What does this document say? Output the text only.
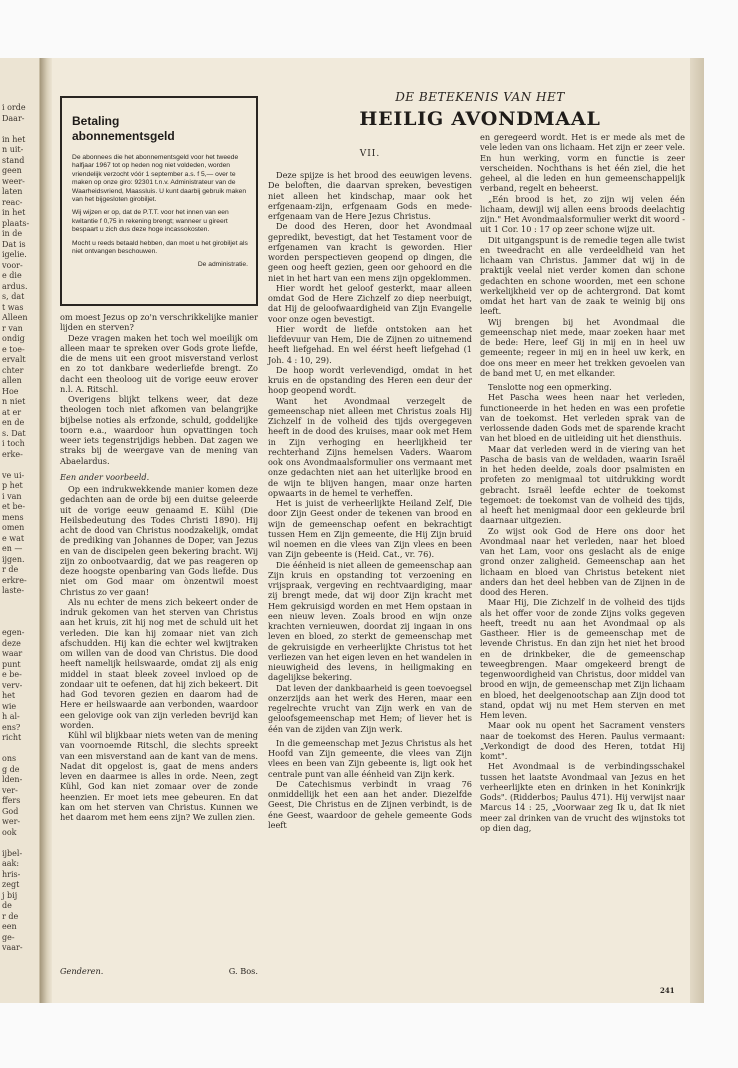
i orde
Daar-
in het
n uit-
stand
geen
weer-
laten
reac-
in het
plaats-
in de
Dat is
igelie.
voor-
e die
ardus.
s, dat
t was
Alleen
r van
ondig
e toe-
ervalt
chter
allen
Hoe
n niet
at er
en de
s. Dat
i toch
erke-
ve ui-
p het
i van
et be-
mens
omen
e wat
en —
ijgen.
r de
erkre-
laste-
egen-
deze
waar
punt
e be-
verv-
het
wie
h al-
ens?
richt
ons
g de
lden-
ver-
ffers
God
wer-
ook
ijbel-
aak:
hris-
zegt
j bij
de
r de
een
ge-
vaar-
Betaling
abonnementsgeld

De abonnees die het abonnementsgeld voor het tweede halfjaar 1967 tot op heden nog niet voldeden, worden vriendelijk verzocht vóór 1 september a.s. f 5,— over te maken op onze giro: 92301 t.n.v. Administrateur van de Waarheidsvriend, Maassluis. U kunt daarbij gebruik maken van het bijgesloten girobiljet.

Wij wijzen er op, dat de P.T.T. voor het innen van een kwitantie f 0,75 in rekening brengt; wanneer u gireert bespaart u zich dus deze hoge incassokosten.

Mocht u reeds betaald hebben, dan moet u het girobiljet als niet ontvangen beschouwen.

De administratie.

DE BETEKENIS VAN HET
HEILIG AVONDMAAL
VII.

om moest Jezus op zo'n verschrikkelijke manier lijden en sterven?

Deze vragen maken het toch wel moeilijk om alleen maar te spreken over Gods grote liefde, die de mens uit een groot misverstand verlost en zo tot dankbare wederliefde brengt. Zo dacht een theoloog uit de vorige eeuw erover n.l. A. Ritschl.

Overigens blijkt telkens weer, dat deze theologen toch niet afkomen van belangrijke bijbelse noties als erfzonde, schuld, goddelijke toorn e.a., waardoor hun opvattingen toch weer iets tegenstrijdigs hebben. Dat zagen we straks bij de weergave van de mening van Abaelardus.

Een ander voorbeeld.

Op een indrukwekkende manier komen deze gedachten aan de orde bij een duitse geleerde uit de vorige eeuw genaamd E. Kühl (Die Heilsbedeutung des Todes Christi 1890). Hij acht de dood van Christus noodzakelijk, omdat de prediking van Johannes de Doper, van Jezus en van de discipelen geen bekering bracht. Wij zijn zo onbootvaardig, dat we pas reageren op deze hoogste openbaring van Gods liefde. Dus niet om God maar om ònzentwil moest Christus zo ver gaan!

Als nu echter de mens zich bekeert onder de indruk gekomen van het sterven van Christus aan het kruis, zit hij nog met de schuld uit het verleden. Die kan hij zomaar niet van zich afschudden. Hij kan die echter wel kwijtraken om willen van de dood van Christus. Die dood heeft namelijk heilswaarde, omdat zij als enig middel in staat bleek zoveel invloed op de zondaar uit te oefenen, dat hij zich bekeert. Dit had God tevoren gezien en daarom had de Here er heilswaarde aan verbonden, waardoor een gelovige ook van zijn verleden bevrijd kan worden.

Kühl wil blijkbaar niets weten van de mening van voornoemde Ritschl, die slechts spreekt van een misverstand aan de kant van de mens. Nadat dit opgelost is, gaat de mens anders leven en daarmee is alles in orde. Neen, zegt Kühl, God kan niet zomaar over de zonde heenzien. Er moet iets mee gebeuren. En dat kan om het sterven van Christus. Kunnen we het daarom met hem eens zijn? We zullen zien.

Genderen.	G. Bos.

Deze spijze is het brood des eeuwigen levens. De beloften, die daarvan spreken, bevestigen niet alleen het kindschap, maar ook het erfgenaam-zijn, erfgenaam Gods en mede-erfgenaam van de Here Jezus Christus.

De dood des Heren, door het Avondmaal gepredikt, bevestigt, dat het Testament voor de erfgenamen van kracht is geworden. Hier worden perspectieven geopend op dingen, die geen oog heeft gezien, geen oor gehoord en die niet in het hart van een mens zijn opgeklommen.

Hier wordt het geloof gesterkt, maar alleen omdat God de Here Zichzelf zo diep neerbuigt, dat Hij de geloofwaardigheid van Zijn Evangelie voor onze ogen bevestigt.

Hier wordt de liefde ontstoken aan het liefdevuur van Hem, Die de Zijnen zo uitnemend heeft liefgehad. En wel éérst heeft liefgehad (1 Joh. 4 : 10, 29).

De hoop wordt verlevendigd, omdat in het kruis en de opstanding des Heren een deur der hoop geopend wordt.

Want het Avondmaal verzegelt de gemeenschap niet alleen met Christus zoals Hij Zichzelf in de volheid des tijds overgegeven heeft in de dood des kruises, maar ook met Hem in Zijn verhoging en heerlijkheid ter rechterhand Zijns hemelsen Vaders. Waarom ook ons Avondmaalsformulier ons vermaant met onze gedachten niet aan het uiterlijke brood en de wijn te blijven hangen, maar onze harten opwaarts in de hemel te verheffen.

Het is juist de verheerlijkte Heiland Zelf, Die door Zijn Geest onder de tekenen van brood en wijn de gemeenschap oefent en bekrachtigt tussen Hem en Zijn gemeente, die Hij Zijn bruid wil noemen en die vlees van Zijn vlees en been van Zijn gebeente is (Heid. Cat., vr. 76).

Die éénheid is niet alleen de gemeenschap aan Zijn kruis en opstanding tot verzoening en vrijspraak, vergeving en rechtvaardiging, maar zij brengt mede, dat wij door Zijn kracht met Hem gekruisigd worden en met Hem opstaan in een nieuw leven. Zoals brood en wijn onze krachten vernieuwen, doordat zij ingaan in ons leven en bloed, zo sterkt de gemeenschap met de gekruisigde en verheerlijkte Christus tot het verliezen van het eigen leven en het wandelen in nieuwigheid des levens, in heiligmaking en dagelijkse bekering.

Dat leven der dankbaarheid is geen toevoegsel onzerzijds aan het werk des Heren, maar een regelrechte vrucht van Zijn werk en van de geloofsgemeenschap met Hem; of liever het is één van de zijden van Zijn werk.

In die gemeenschap met Jezus Christus als het Hoofd van Zijn gemeente, die vlees van Zijn vlees en been van Zijn gebeente is, ligt ook het centrale punt van alle éénheid van Zijn kerk.

De Catechismus verbindt in vraag 76 onmiddellijk het een aan het ander. Diezelfde Geest, Die Christus en de Zijnen verbindt, is de éne Geest, waardoor de gehele gemeente Gods leeft

en geregeerd wordt. Het is er mede als met de vele leden van ons lichaam. Het zijn er zeer vele. En hun werking, vorm en functie is zeer verscheiden. Nochthans is het één ziel, die het geheel, al die leden en hun gemeenschappelijk verband, regelt en beheerst.

„Eén brood is het, zo zijn wij velen één lichaam, dewijl wij allen eens broods deelachtig zijn." Het Avondmaalsformulier werkt dit woord -uit 1 Cor. 10 : 17 op zeer schone wijze uit.

Dit uitgangspunt is de remedie tegen alle twist en tweedracht en alle verdeeldheid van het lichaam van Christus. Jammer dat wij in de praktijk veelal niet verder komen dan schone gedachten en schone woorden, met een schone werkelijkheid ver op de achtergrond. Dat komt omdat het hart van de zaak te weinig bij ons leeft.

Wij brengen bij het Avondmaal die gemeenschap niet mede, maar zoeken haar met de bede: Here, leef Gij in mij en in heel uw gemeente; regeer in mij en in heel uw kerk, en doe ons meer en meer het trekken gevoelen van de band met U, en met elkander.

Tenslotte nog een opmerking.

Het Pascha wees heen naar het verleden, functioneerde in het heden en was een profetie van de toekomst. Het verleden sprak van de verlossende daden Gods met de sparende kracht van het bloed en de uitleiding uit het diensthuis.

Maar dat verleden werd in de viering van het Pascha de basis van de weldaden, waarin Israël in het heden deelde, zoals door psalmisten en profeten zo menigmaal tot uitdrukking wordt gebracht. Israël leefde echter de toekomst tegemoet: de toekomst van de volheid des tijds, al heeft het menigmaal door een gekleurde bril daarnaar uitgezien.

Zo wijst ook God de Here ons door het Avondmaal naar het verleden, naar het bloed van het Lam, voor ons geslacht als de enige grond onzer zaligheid. Gemeenschap aan het lichaam en bloed van Christus betekent niet anders dan het deel hebben van de Zijnen in de dood des Heren.

Maar Hij, Die Zichzelf in de volheid des tijds als het offer voor de zonde Zijns volks gegeven heeft, treedt nu aan het Avondmaal op als Gastheer. Hier is de gemeenschap met de levende Christus. En dan zijn het niet het brood en de drinkbeker, die de gemeenschap teweegbrengen. Maar omgekeerd brengt de tegenwoordigheid van Christus, door middel van brood en wijn, de gemeenschap met Zijn lichaam en bloed, het deelgenootschap aan Zijn dood tot stand, opdat wij nu met Hem sterven en met Hem leven.

Maar ook nu opent het Sacrament vensters naar de toekomst des Heren. Paulus vermaant: „Verkondigt de dood des Heren, totdat Hij komt".

Het Avondmaal is de verbindingsschakel tussen het laatste Avondmaal van Jezus en het verheerlijkte eten en drinken in het Koninkrijk Gods". (Ridderbos; Paulus 471). Hij verwijst naar Marcus 14 : 25, „Voorwaar zeg Ik u, dat Ik niet meer zal drinken van de vrucht des wijnstoks tot op dien dag,

241
